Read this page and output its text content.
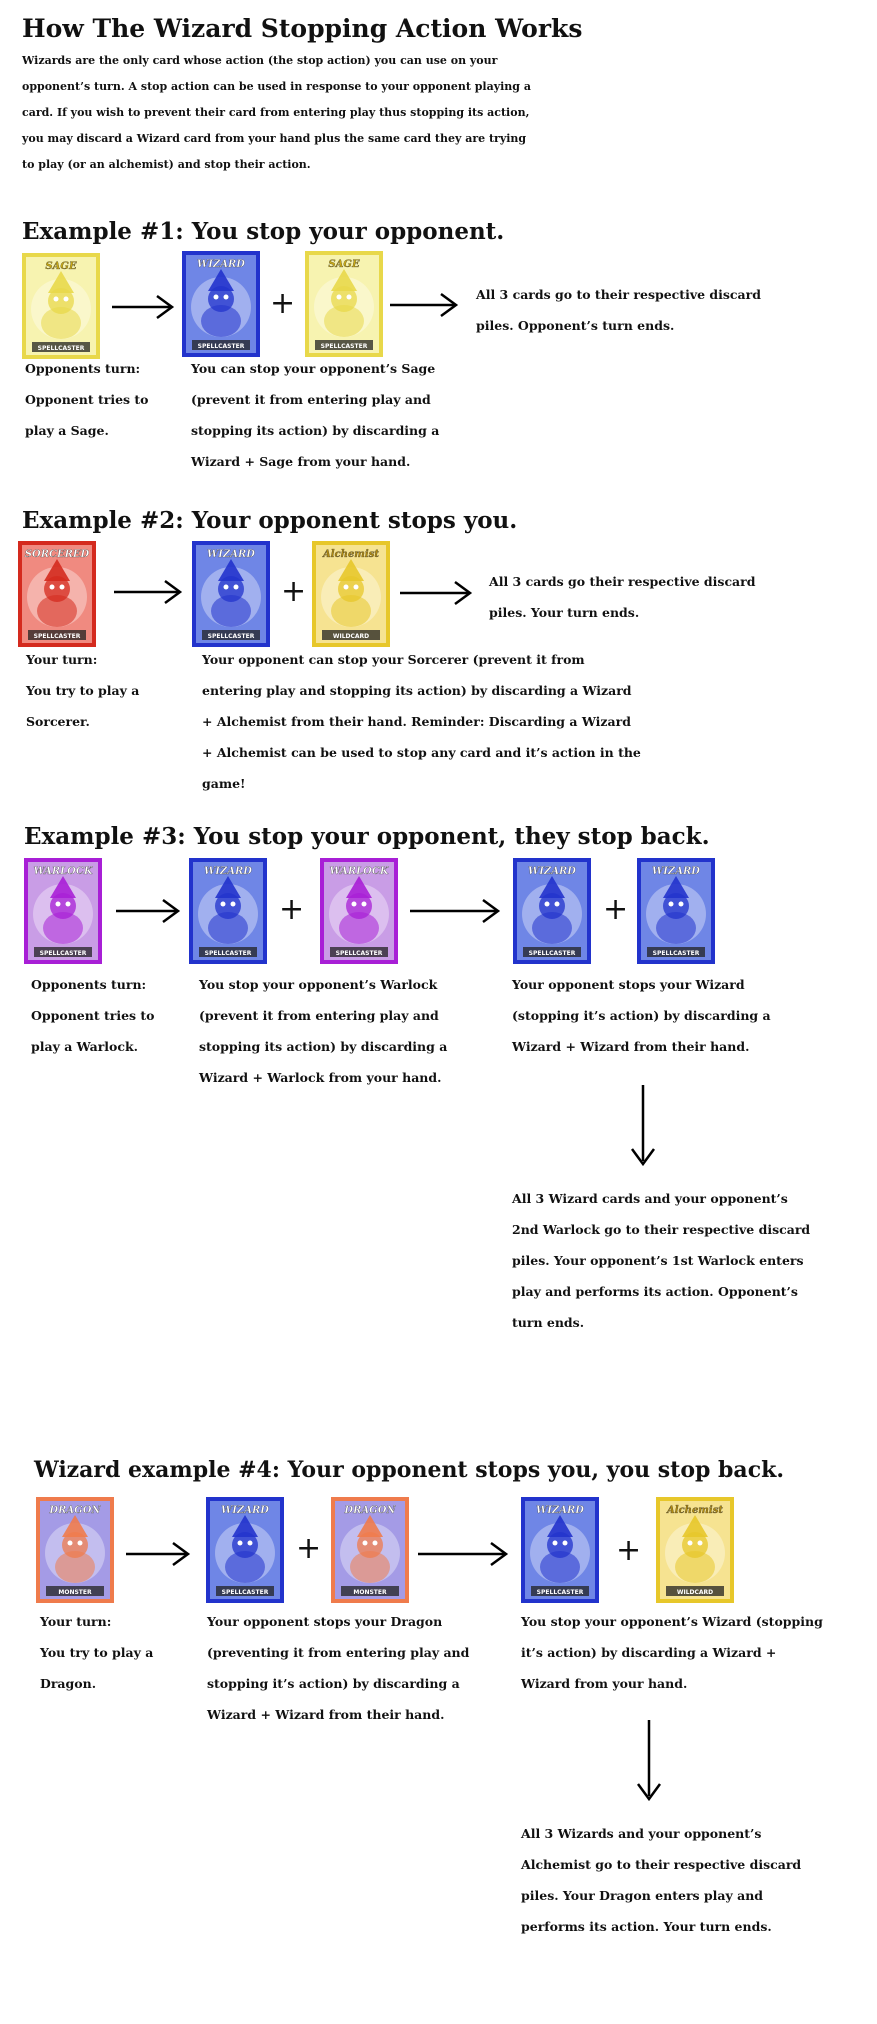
How The Wizard Stopping Action Works

Wizards are the only card whose action (the stop action) you can use on your opponent’s turn. A stop action can be used in response to your opponent playing a card. If you wish to prevent their card from entering play thus stopping its action, you may discard a Wizard card from your hand plus the same card they are trying to play (or an alchemist) and stop their action.

Example #1: You stop your opponent.
SAGE
SPELLCASTER
WIZARD
SPELLCASTER
+
SAGE
SPELLCASTER

Opponents turn:

Opponent tries to

play a Sage.

You can stop your opponent’s Sage

(prevent it from entering play and

stopping its action) by discarding a

Wizard + Sage from your hand.

All 3 cards go to their respective discard

piles. Opponent’s turn ends.

Example #2: Your opponent stops you.
SORCERED
SPELLCASTER
WIZARD
SPELLCASTER
+
Alchemist
WILDCARD

Your turn:

You try to play a

Sorcerer.

Your opponent can stop your Sorcerer (prevent it from

entering play and stopping its action) by discarding a Wizard

+ Alchemist from their hand. Reminder: Discarding a Wizard

+ Alchemist can be used to stop any card and it’s action in the

game!

All 3 cards go their respective discard

piles. Your turn ends.

Example #3: You stop your opponent, they stop back.
WARLOCK
SPELLCASTER
WIZARD
SPELLCASTER
+
WARLOCK
SPELLCASTER
WIZARD
SPELLCASTER
+
WIZARD
SPELLCASTER

Opponents turn:

Opponent tries to

play a Warlock.

You stop your opponent’s Warlock

(prevent it from entering play and

stopping its action) by discarding a

Wizard + Warlock from your hand.

Your opponent stops your Wizard

(stopping it’s action) by discarding a

Wizard + Wizard from their hand.

All 3 Wizard cards and your opponent’s

2nd Warlock go to their respective discard

piles. Your opponent’s 1st Warlock enters

play and performs its action. Opponent’s

turn ends.

Wizard example #4: Your opponent stops you, you stop back.
DRAGON
MONSTER
WIZARD
SPELLCASTER
+
DRAGON
MONSTER
WIZARD
SPELLCASTER
+
Alchemist
WILDCARD

Your turn:

You try to play a

Dragon.

Your opponent stops your Dragon

(preventing it from entering play and

stopping it’s action) by discarding a

Wizard + Wizard from their hand.

You stop your opponent’s Wizard (stopping

it’s action) by discarding a Wizard +

Wizard from your hand.

All 3 Wizards and your opponent’s

Alchemist go to their respective discard

piles. Your Dragon enters play and

performs its action. Your turn ends.
